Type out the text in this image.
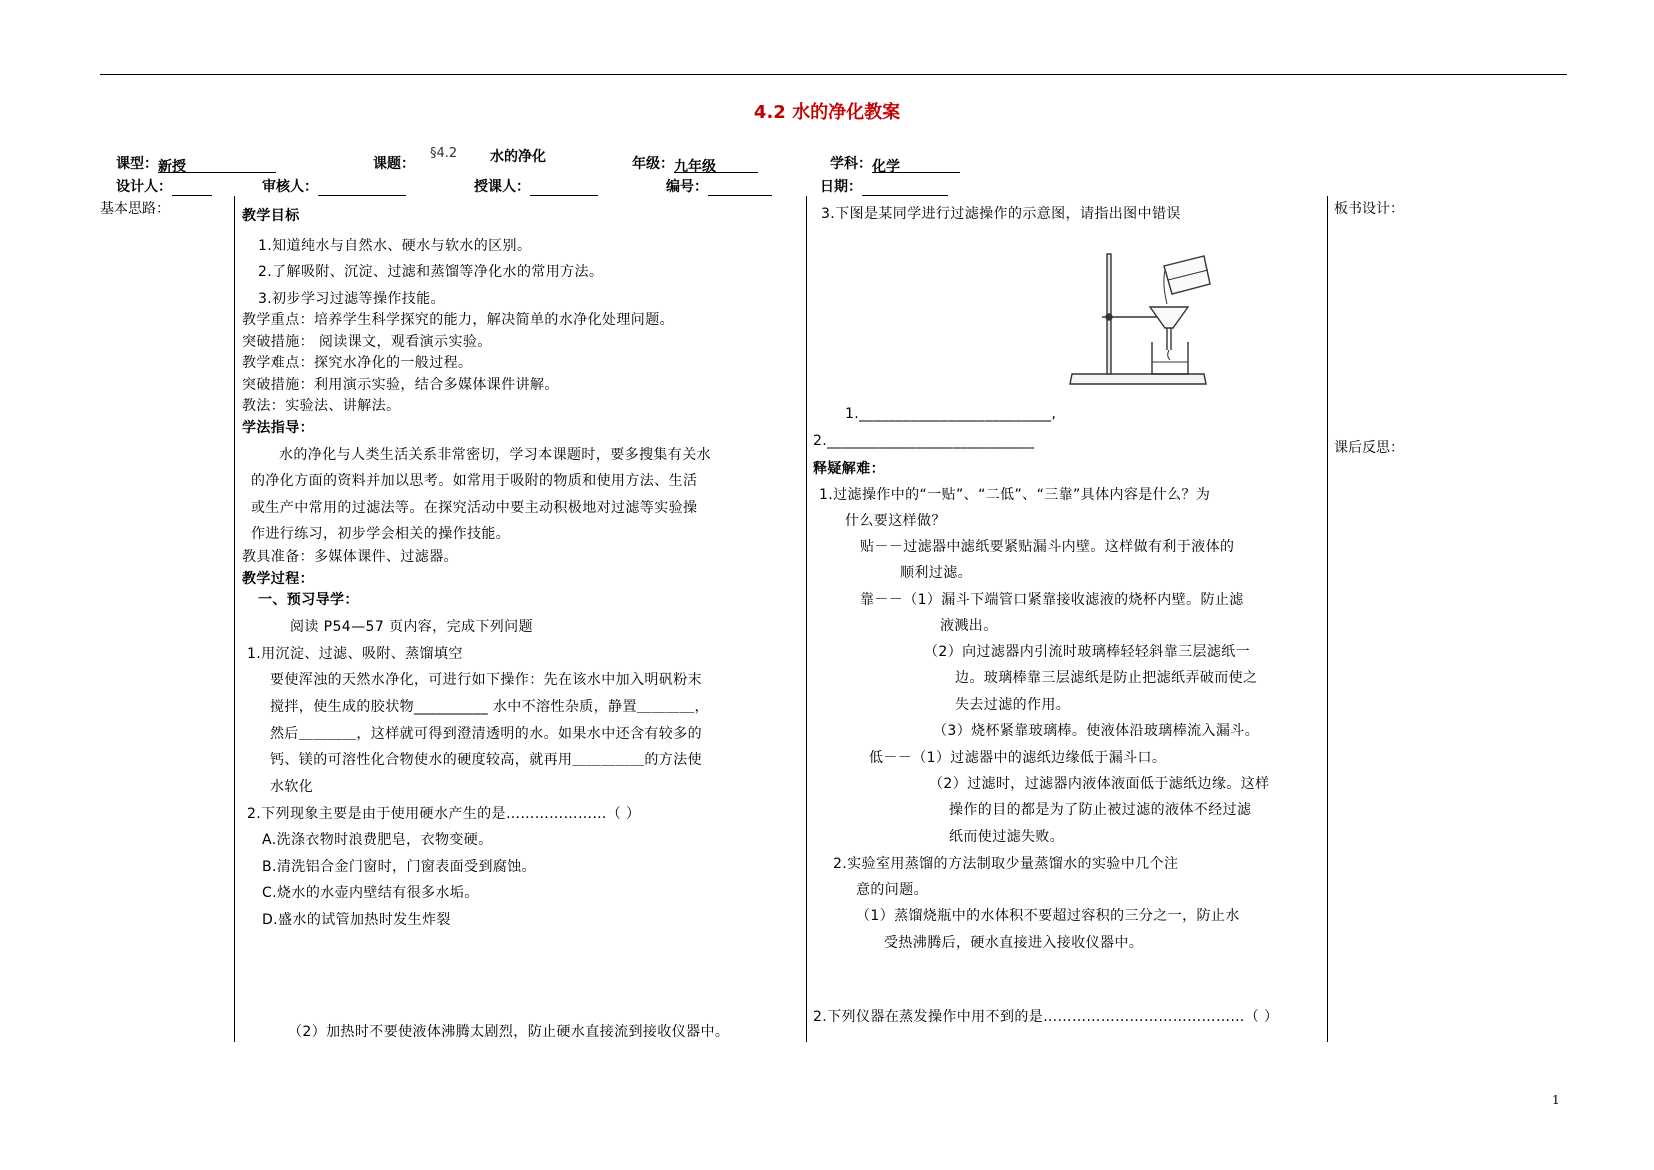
4.2 水的净化教案
课型：新授	课题：
§4.2 水的净化	年级：九年级	学科：化学
设计人：	审核人：	授课人：	编号：	日期：
基本思路：	板书设计：
课后反思：
教学目标
1.知道纯水与自然水、硬水与软水的区别。
2.了解吸附、沉淀、过滤和蒸馏等净化水的常用方法。
3.初步学习过滤等操作技能。
教学重点：培养学生科学探究的能力，解决简单的水净化处理问题。
突破措施： 阅读课文，观看演示实验。
教学难点：探究水净化的一般过程。
突破措施：利用演示实验，结合多媒体课件讲解。
教法：实验法、讲解法。
学法指导：
水的净化与人类生活关系非常密切，学习本课题时，要多搜集有关水
的净化方面的资料并加以思考。如常用于吸附的物质和使用方法、生活
或生产中常用的过滤法等。在探究活动中要主动积极地对过滤等实验操
作进行练习，初步学会相关的操作技能。
教具准备：多媒体课件、过滤器。
教学过程：
一、预习导学：
阅读 P54—57 页内容，完成下列问题
1.用沉淀、过滤、吸附、蒸馏填空
要使浑浊的天然水净化，可进行如下操作：先在该水中加入明矾粉末
搅拌，使生成的胶状物__________ 水中不溶性杂质，静置＿＿＿＿，
然后＿＿＿＿，这样就可得到澄清透明的水。如果水中还含有较多的
钙、镁的可溶性化合物使水的硬度较高，就再用＿＿＿＿＿的方法使
水软化
2.下列现象主要是由于使用硬水产生的是…………………（ ）
A.洗涤衣物时浪费肥皂，衣物变硬。
B.清洗铝合金门窗时，门窗表面受到腐蚀。
C.烧水的水壶内壁结有很多水垢。
D.盛水的试管加热时发生炸裂
（2）加热时不要使液体沸腾太剧烈，防止硬水直接流到接收仪器中。
3.下图是某同学进行过滤操作的示意图，请指出图中错误
1.__________________________,
2.____________________________
释疑解难：
1.过滤操作中的“一贴”、“二低”、“三靠”具体内容是什么？为
什么要这样做？
贴－－过滤器中滤纸要紧贴漏斗内壁。这样做有利于液体的
顺利过滤。
靠－－（1）漏斗下端管口紧靠接收滤液的烧杯内壁。防止滤
液溅出。
（2）向过滤器内引流时玻璃棒轻轻斜靠三层滤纸一
边。玻璃棒靠三层滤纸是防止把滤纸弄破而使之
失去过滤的作用。
（3）烧杯紧靠玻璃棒。使液体沿玻璃棒流入漏斗。
低－－（1）过滤器中的滤纸边缘低于漏斗口。
（2）过滤时，过滤器内液体液面低于滤纸边缘。这样
操作的目的都是为了防止被过滤的液体不经过滤
纸而使过滤失败。
2.实验室用蒸馏的方法制取少量蒸馏水的实验中几个注
意的问题。
（1）蒸馏烧瓶中的水体积不要超过容积的三分之一，防止水
受热沸腾后，硬水直接进入接收仪器中。
2.下列仪器在蒸发操作中用不到的是……………………………………（ ）
1
